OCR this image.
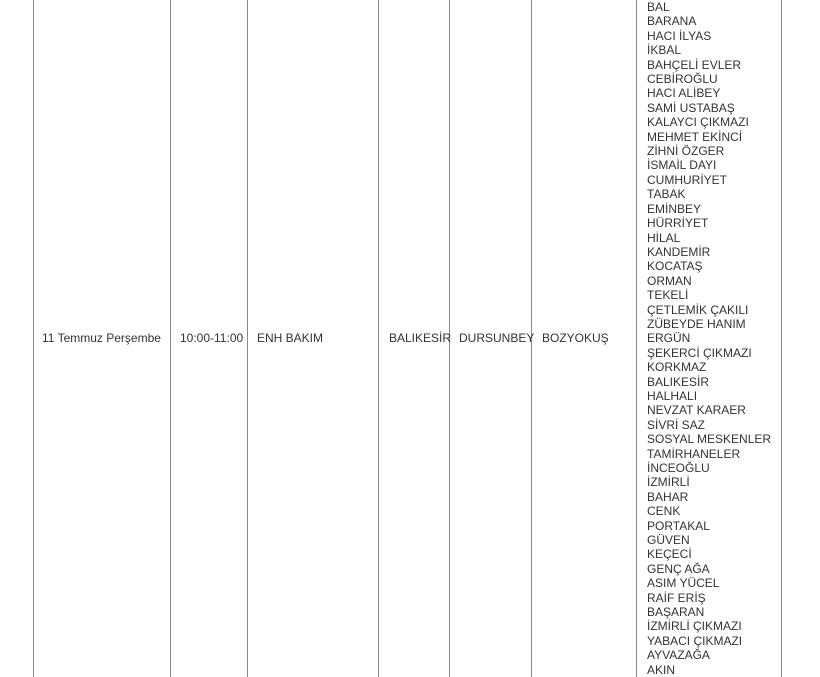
11 Temmuz Perşembe 10:00-11:00 ENH BAKIM	BALIKESİR DURSUNBEY BOZYOKUŞ
BAL
BARANA
HACI İLYAS
İKBAL
BAHÇELİ EVLER
CEBİROĞLU
HACI ALİBEY
SAMİ USTABAŞ
KALAYCI ÇIKMAZI
MEHMET EKİNCİ
ZİHNİ ÖZGER
İSMAİL DAYI
CUMHURİYET
TABAK
EMİNBEY
HÜRRİYET
HİLAL
KANDEMİR
KOCATAŞ
ORMAN
TEKELİ
ÇETLEMİK ÇAKILI
ZÜBEYDE HANIM
ERGÜN
ŞEKERCİ ÇIKMAZI
KORKMAZ
BALIKESİR
HALHALI
NEVZAT KARAER
SİVRİ SAZ
SOSYAL MESKENLER
TAMİRHANELER
İNCEOĞLU
İZMİRLİ
BAHAR
CENK
PORTAKAL
GÜVEN
KEÇECİ
GENÇ AĞA
ASIM YÜCEL
RAİF ERİŞ
BAŞARAN
İZMİRLİ ÇIKMAZI
YABACI ÇIKMAZI
AYVAZAĞA
AKIN
